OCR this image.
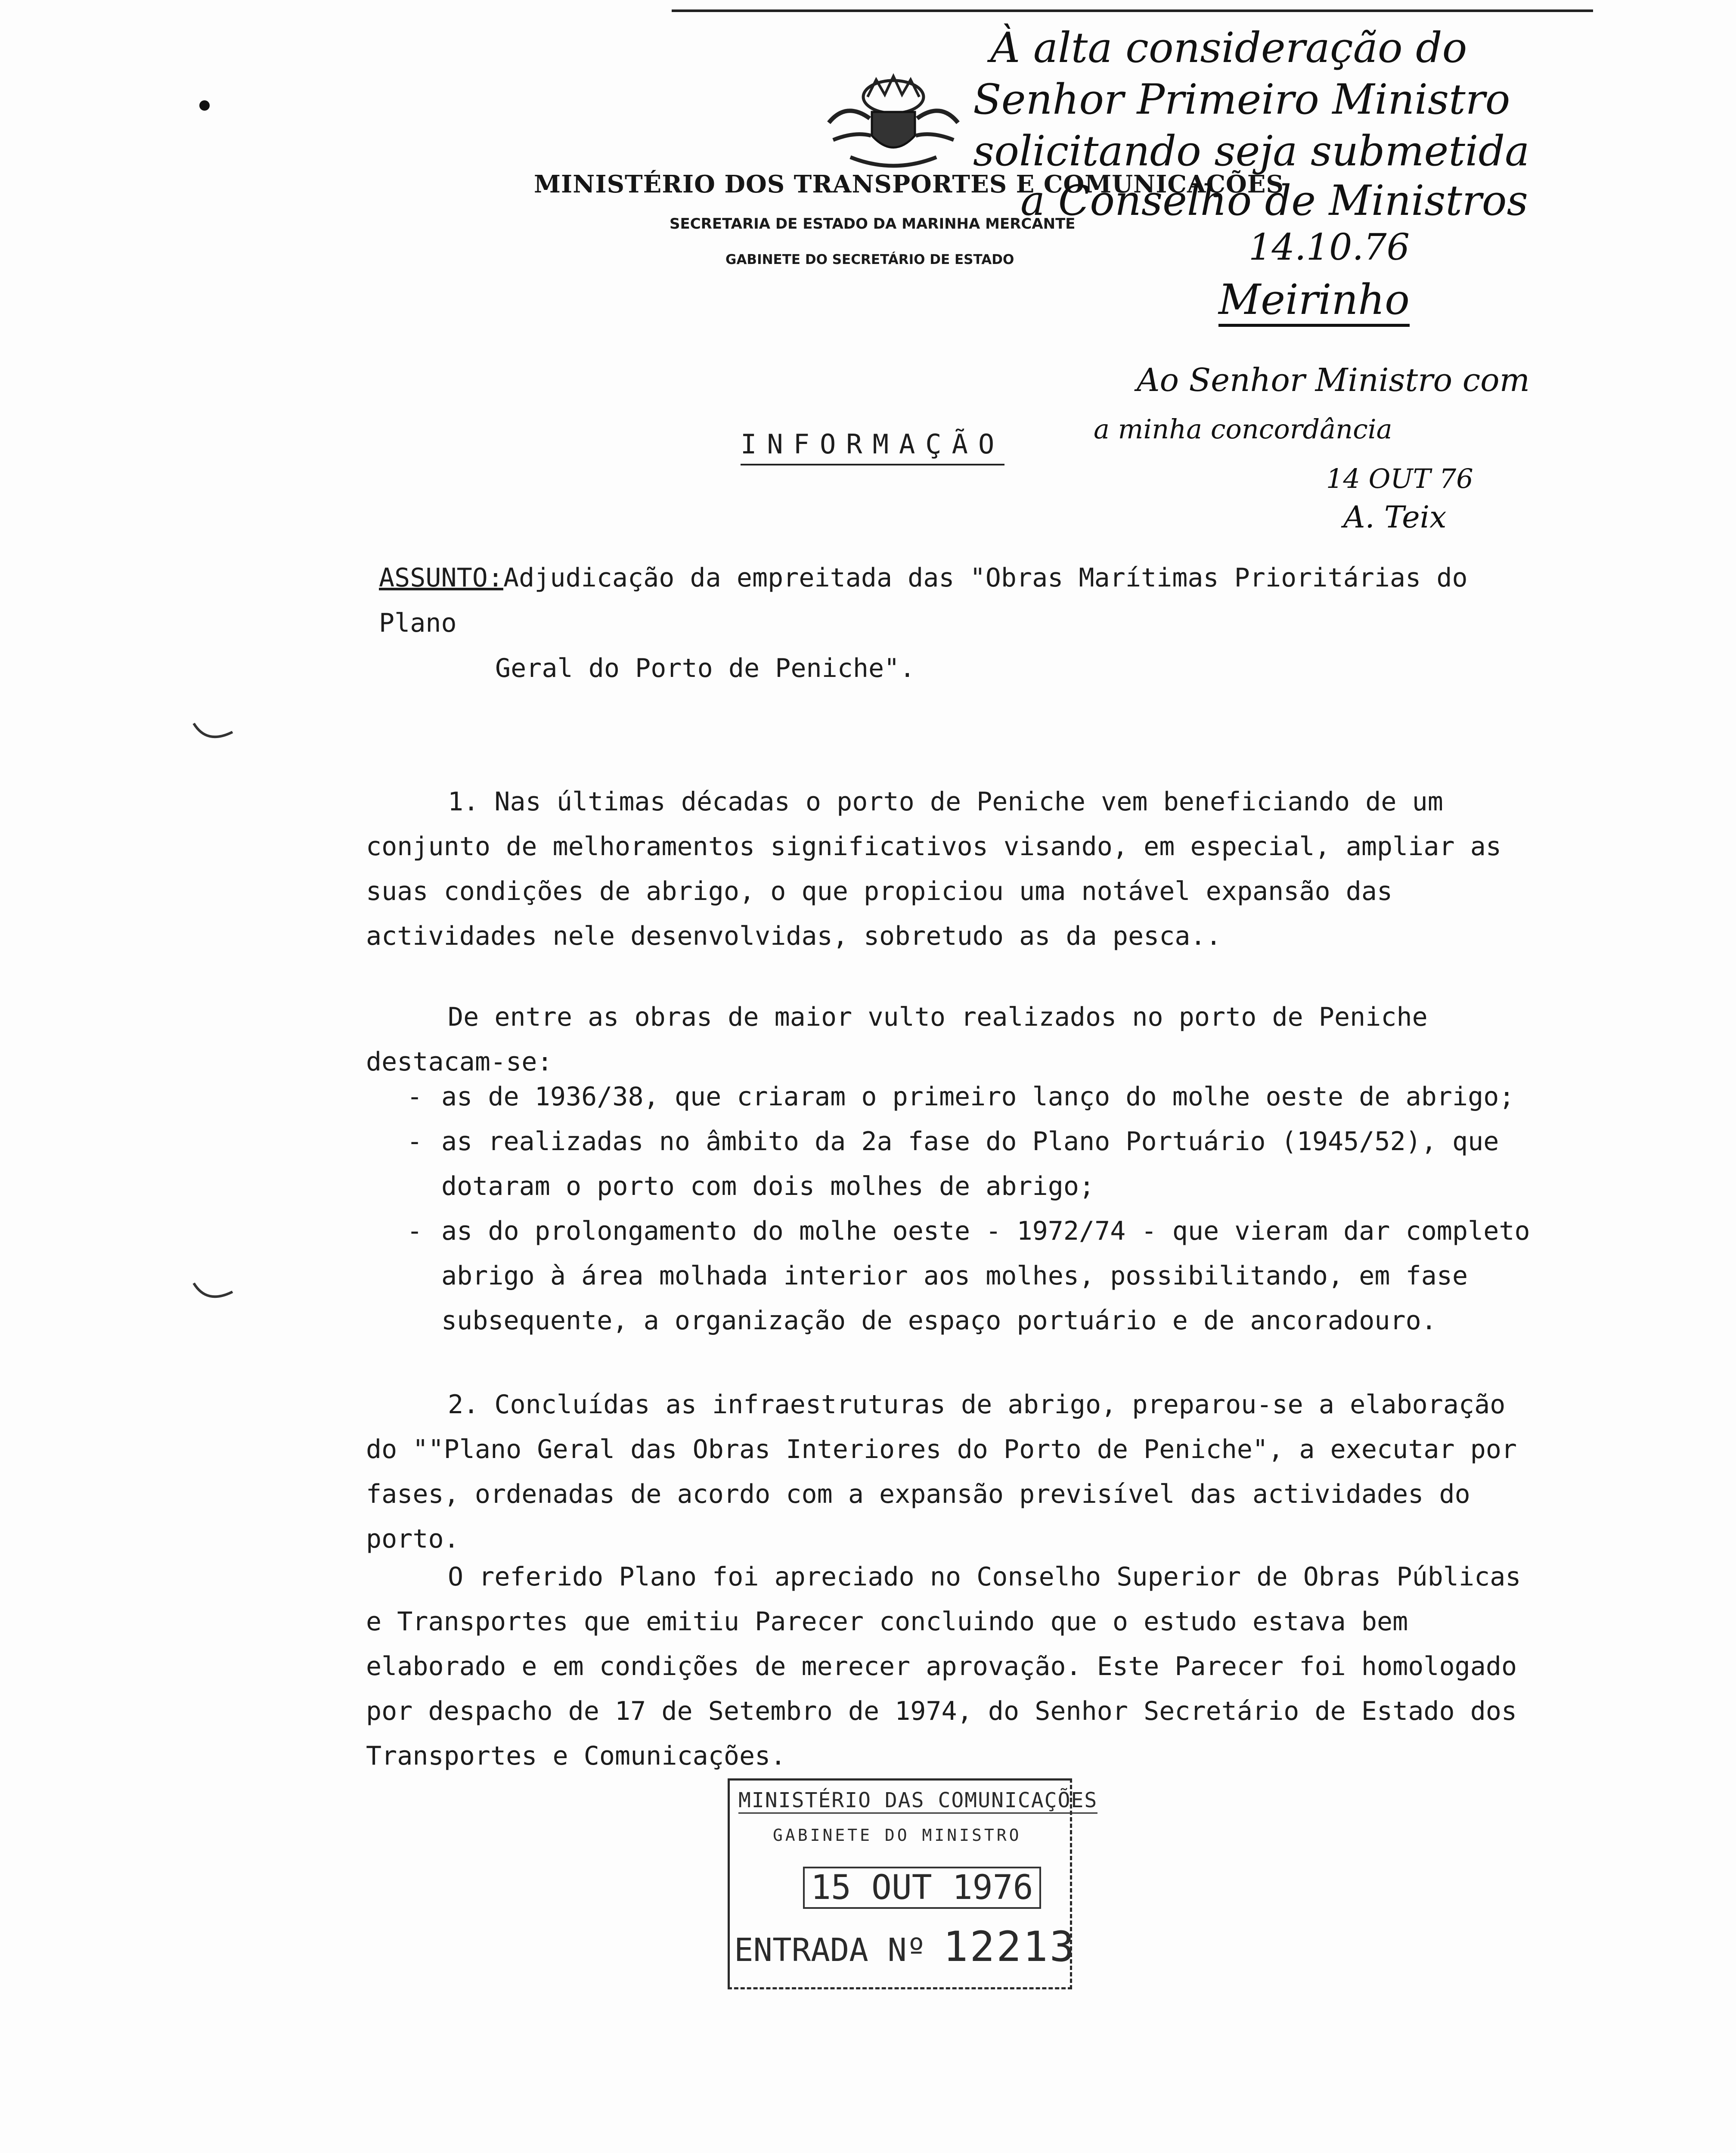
MINISTÉRIO DOS TRANSPORTES E COMUNICAÇÕES
SECRETARIA DE ESTADO DA MARINHA MERCANTE
GABINETE DO SECRETÁRIO DE ESTADO
À alta consideração do
Senhor Primeiro Ministro
solicitando seja submetida
a Conselho de Ministros
14.10.76
Meirinho
Ao Senhor Ministro com
a minha concordância
14 OUT 76
A. Teix
INFORMAÇÃO
ASSUNTO:Adjudicação da empreitada das "Obras Marítimas Prioritárias do Plano
Geral do Porto de Peniche".
1. Nas últimas décadas o porto de Peniche vem beneficiando de um conjunto de melhoramentos significativos visando, em especial, ampliar as suas condições de abrigo, o que propiciou uma notável expansão das actividades nele desenvolvidas, sobretudo as da pesca..
De entre as obras de maior vulto realizados no porto de Peniche destacam-se:
- as de 1936/38, que criaram o primeiro lanço do molhe oeste de abrigo;
- as realizadas no âmbito da 2a fase do Plano Portuário (1945/52), que dotaram o porto com dois molhes de abrigo;
- as do prolongamento do molhe oeste - 1972/74 - que vieram dar completo abrigo à área molhada interior aos molhes, possibilitando, em fase subsequente, a organização de espaço portuário e de ancoradouro.
2. Concluídas as infraestruturas de abrigo, preparou-se a elaboração do ""Plano Geral das Obras Interiores do Porto de Peniche", a executar por fases, ordenadas de acordo com a expansão previsível das actividades do porto.
O referido Plano foi apreciado no Conselho Superior de Obras Públicas e Transportes que emitiu Parecer concluindo que o estudo estava bem elaborado e em condições de merecer aprovação. Este Parecer foi homologado por despacho de 17 de Setembro de 1974, do Senhor Secretário de Estado dos Transportes e Comunicações.
MINISTÉRIO DAS COMUNICAÇÕES
GABINETE DO MINISTRO
15 OUT 1976
ENTRADA Nº 12213
